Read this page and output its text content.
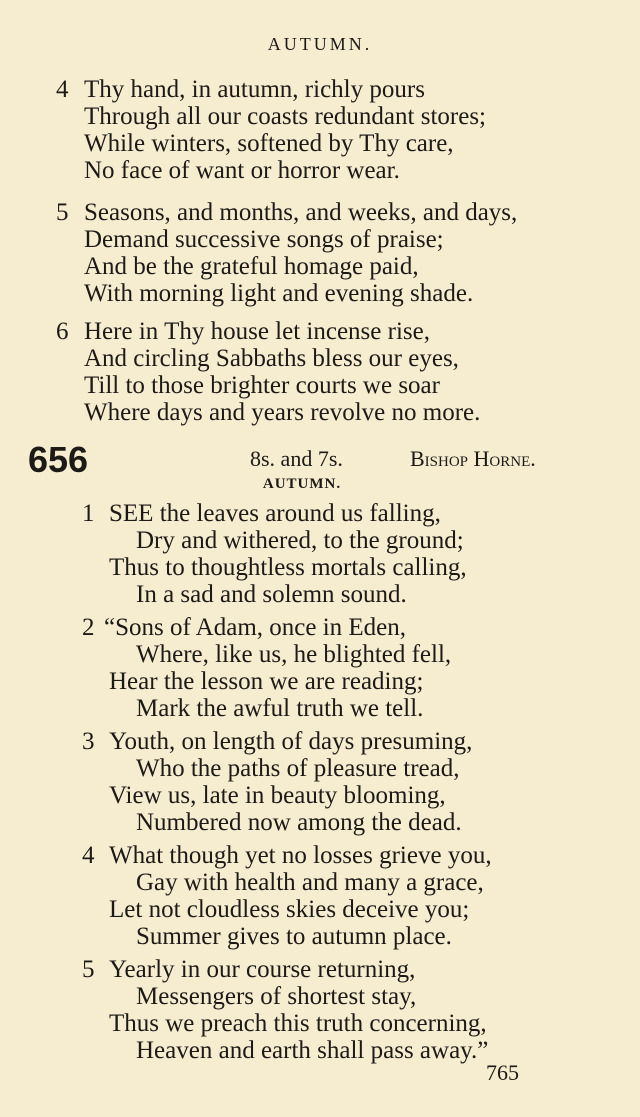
AUTUMN.
4 Thy hand, in autumn, richly pours
Through all our coasts redundant stores;
While winters, softened by Thy care,
No face of want or horror wear.
5 Seasons, and months, and weeks, and days,
Demand successive songs of praise;
And be the grateful homage paid,
With morning light and evening shade.
6 Here in Thy house let incense rise,
And circling Sabbaths bless our eyes,
Till to those brighter courts we soar
Where days and years revolve no more.
656	8s. and 7s.	Bishop Horne.
AUTUMN.
1 SEE the leaves around us falling,
Dry and withered, to the ground;
Thus to thoughtless mortals calling,
In a sad and solemn sound.
2 “Sons of Adam, once in Eden,
Where, like us, he blighted fell,
Hear the lesson we are reading;
Mark the awful truth we tell.
3 Youth, on length of days presuming,
Who the paths of pleasure tread,
View us, late in beauty blooming,
Numbered now among the dead.
4 What though yet no losses grieve you,
Gay with health and many a grace,
Let not cloudless skies deceive you;
Summer gives to autumn place.
5 Yearly in our course returning,
Messengers of shortest stay,
Thus we preach this truth concerning,
Heaven and earth shall pass away.”
765
